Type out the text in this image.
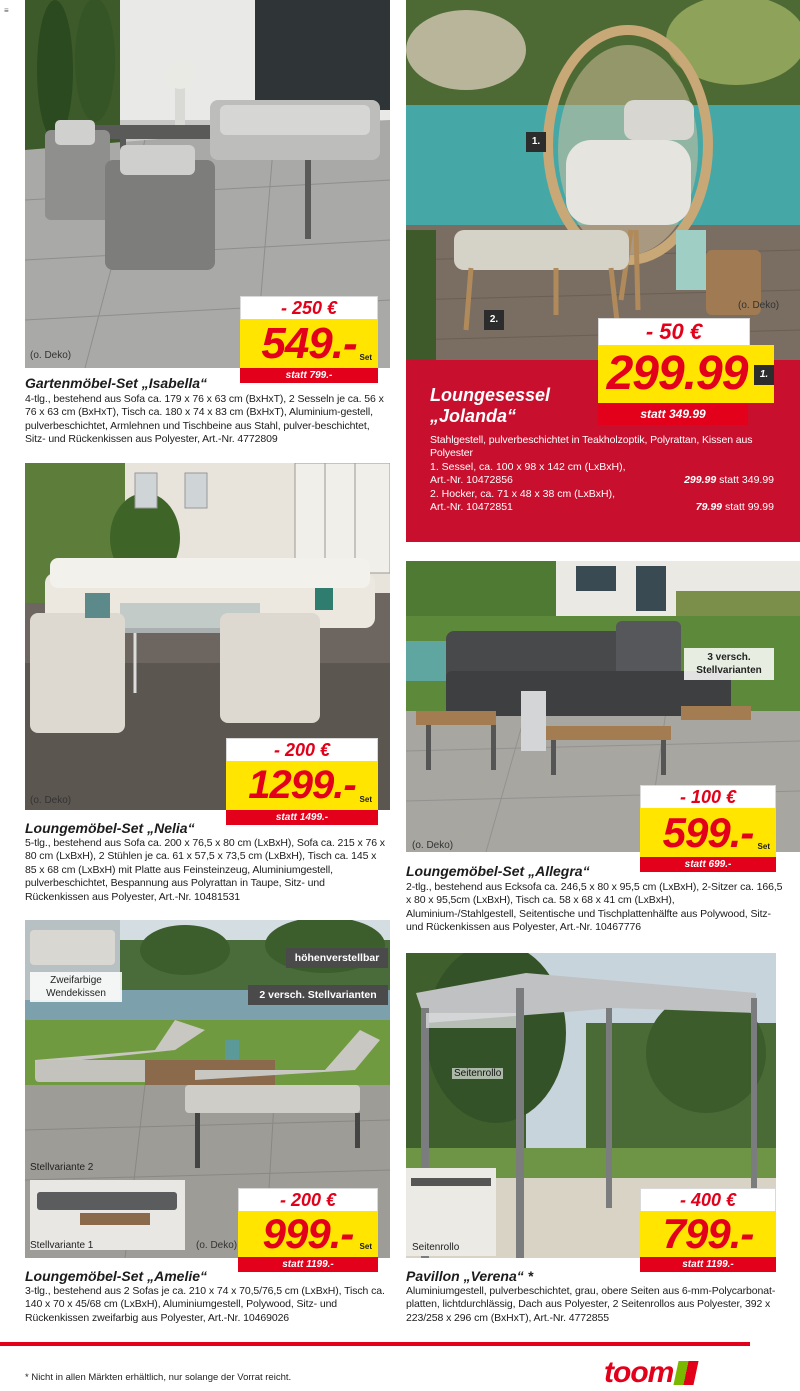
≡
(o. Deko)
- 250 €
549.- Set
statt 799.-
Gartenmöbel-Set „Isabella“
4-tlg., bestehend aus Sofa ca. 179 x 76 x 63 cm (BxHxT), 2 Sesseln je ca. 56 x 76 x 63 cm (BxHxT), Tisch ca. 180 x 74 x 83 cm (BxHxT), Aluminium-gestell, pulverbeschichtet, Armlehnen und Tischbeine aus Stahl, pulver-beschichtet, Sitz- und Rückenkissen aus Polyester, Art.-Nr. 4772809
1.
2.
(o. Deko)
Loungesessel
„Jolanda“
Stahlgestell, pulverbeschichtet in Teakholzoptik, Polyrattan, Kissen aus Polyester
1. Sessel, ca. 100 x 98 x 142 cm (LxBxH),
Art.-Nr. 10472856	299.99 statt 349.99
2. Hocker, ca. 71 x 48 x 38 cm (LxBxH),
Art.-Nr. 10472851	79.99 statt 99.99
- 50 €
299.99	1.
statt 349.99
(o. Deko)
- 200 €
1299.- Set
statt 1499.-
Loungemöbel-Set „Nelia“
5-tlg., bestehend aus Sofa ca. 200 x 76,5 x 80 cm (LxBxH), Sofa ca. 215 x 76 x 80 cm (LxBxH), 2 Stühlen je ca. 61 x 57,5 x 73,5 cm (LxBxH), Tisch ca. 145 x 85 x 68 cm (LxBxH) mit Platte aus Feinsteinzeug, Aluminiumgestell, pulverbeschichtet, Bespannung aus Polyrattan in Taupe, Sitz- und Rückenkissen aus Polyester, Art.-Nr. 10481531
3 versch.
Stellvarianten
(o. Deko)
- 100 €
599.- Set
statt 699.-
Loungemöbel-Set „Allegra“
2-tlg., bestehend aus Ecksofa ca. 246,5 x 80 x 95,5 cm (LxBxH), 2-Sitzer ca. 166,5 x 80 x 95,5cm (LxBxH), Tisch ca. 58 x 68 x 41 cm (LxBxH), Aluminium-/Stahlgestell, Seitentische und Tischplattenhälfte aus Polywood, Sitz- und Rückenkissen aus Polyester, Art.-Nr. 10467776
höhenverstellbar
2 versch. Stellvarianten
Zweifarbige
Wendekissen
Stellvariante 2
Stellvariante 1	(o. Deko)
- 200 €
999.- Set
statt 1199.-
Loungemöbel-Set „Amelie“
3-tlg., bestehend aus 2 Sofas je ca. 210 x 74 x 70,5/76,5 cm (LxBxH), Tisch ca. 140 x 70 x 45/68 cm (LxBxH), Aluminiumgestell, Polywood, Sitz- und Rückenkissen zweifarbig aus Polyester, Art.-Nr. 10469026
Seitenrollo
Seitenrollo
- 400 €
799.-
statt 1199.-
Pavillon „Verena“ *
Aluminiumgestell, pulverbeschichtet, grau, obere Seiten aus 6-mm-Polycarbonat-platten, lichtdurchlässig, Dach aus Polyester, 2 Seitenrollos aus Polyester, 392 x 223/258 x 296 cm (BxHxT), Art.-Nr. 4772855
* Nicht in allen Märkten erhältlich, nur solange der Vorrat reicht.	toom
